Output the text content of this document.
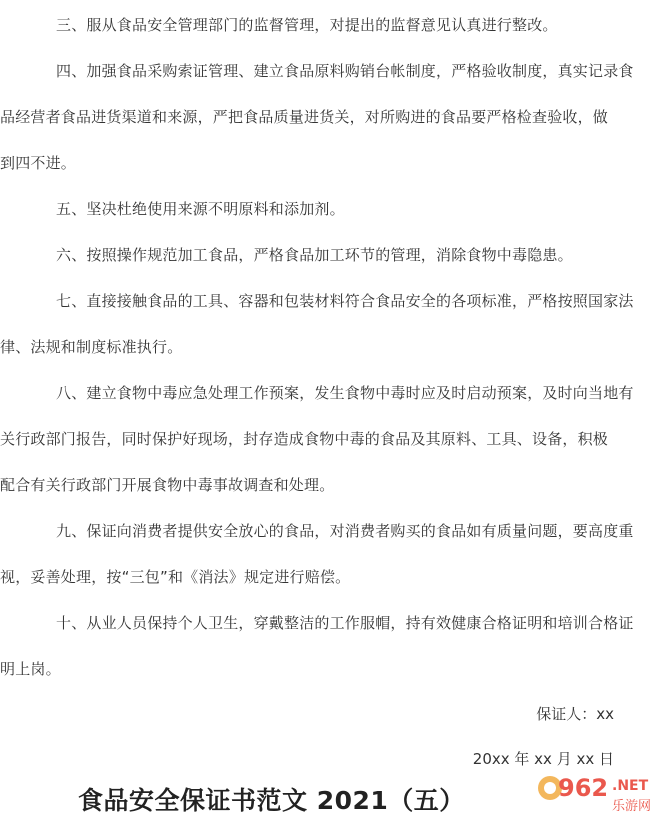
三、服从食品安全管理部门的监督管理，对提出的监督意见认真进行整改。

四、加强食品采购索证管理、建立食品原料购销台帐制度，严格验收制度，真实记录食
品经营者食品进货渠道和来源，严把食品质量进货关，对所购进的食品要严格检查验收，做
到四不进。

五、坚决杜绝使用来源不明原料和添加剂。

六、按照操作规范加工食品，严格食品加工环节的管理，消除食物中毒隐患。

七、直接接触食品的工具、容器和包装材料符合食品安全的各项标准，严格按照国家法
律、法规和制度标准执行。

八、建立食物中毒应急处理工作预案，发生食物中毒时应及时启动预案，及时向当地有
关行政部门报告，同时保护好现场，封存造成食物中毒的食品及其原料、工具、设备，积极
配合有关行政部门开展食物中毒事故调查和处理。

九、保证向消费者提供安全放心的食品，对消费者购买的食品如有质量问题，要高度重
视，妥善处理，按“三包”和《消法》规定进行赔偿。

十、从业人员保持个人卫生，穿戴整洁的工作服帽，持有效健康合格证明和培训合格证
明上岗。

保证人：xx
20xx 年 xx 月 xx 日
食品安全保证书范文 2021（五）	962 .NET
乐游网
